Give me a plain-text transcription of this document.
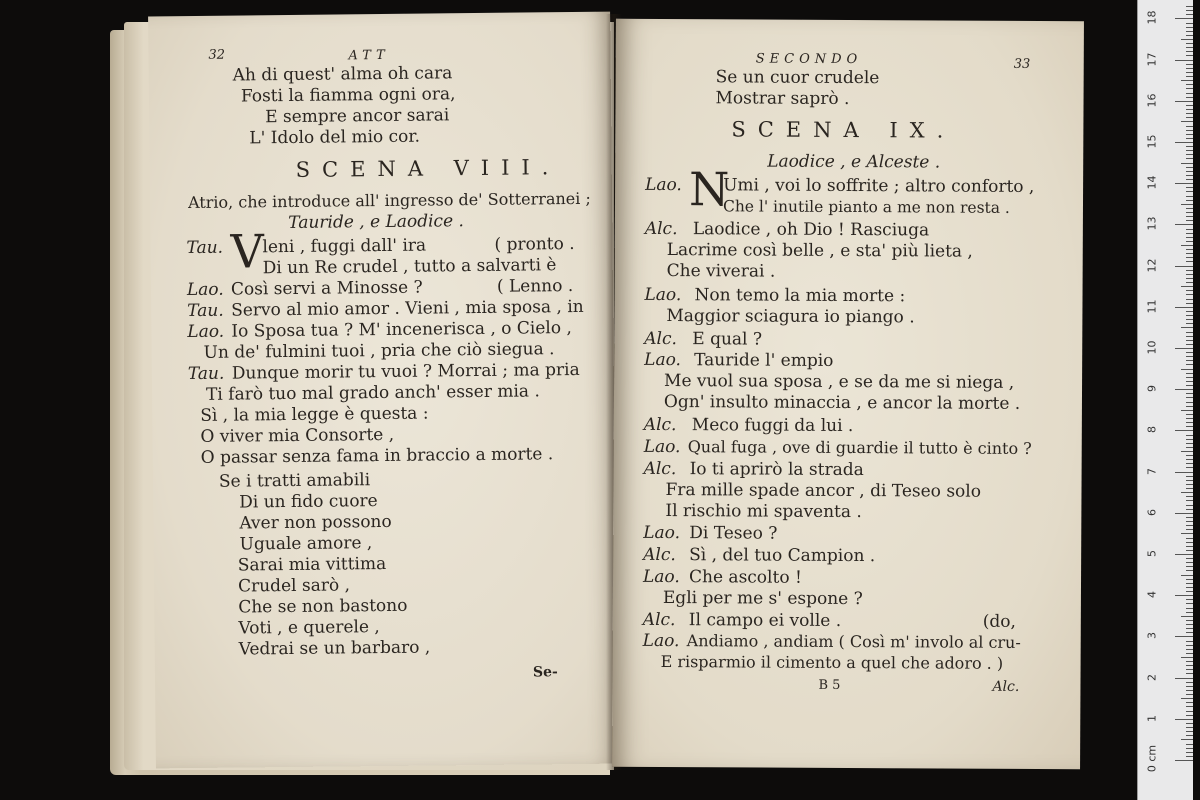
32	ATT
Ah di quest' alma oh cara
Fosti la fiamma ogni ora,
E sempre ancor sarai
L' Idolo del mio cor.
SCENA VIII.
Atrio, che introduce all' ingresso de' Sotterranei ;
Tauride , e Laodice .
Tau. V
leni , fuggi dall' ira	( pronto .
Di un Re crudel , tutto a salvarti è
Lao. Così servi a Minosse ?	( Lenno .
Tau. Servo al mio amor . Vieni , mia sposa , in
Lao. Io Sposa tua ? M' incenerisca , o Cielo ,
Un de' fulmini tuoi , pria che ciò siegua .
Tau. Dunque morir tu vuoi ? Morrai ; ma pria
Ti farò tuo mal grado anch' esser mia .
Sì , la mia legge è questa :
O viver mia Consorte ,
O passar senza fama in braccio a morte .
Se i tratti amabili
Di un fido cuore
Aver non possono
Uguale amore ,
Sarai mia vittima
Crudel sarò ,
Che se non bastono
Voti , e querele ,
Vedrai se un barbaro ,
Se-
SECONDO	33
Se un cuor crudele
Mostrar saprò .
SCENA IX.
Laodice , e Alceste .
Lao. N
Umi , voi lo soffrite ; altro conforto ,
Che l' inutile pianto a me non resta .
Alc. Laodice , oh Dio ! Rasciuga
Lacrime così belle , e sta' più lieta ,
Che viverai .
Lao. Non temo la mia morte :
Maggior sciagura io piango .
Alc. E qual ?
Lao. Tauride l' empio
Me vuol sua sposa , e se da me si niega ,
Ogn' insulto minaccia , e ancor la morte .
Alc. Meco fuggi da lui .
Lao. Qual fuga , ove di guardie il tutto è cinto ?
Alc. Io ti aprirò la strada
Fra mille spade ancor , di Teseo solo
Il rischio mi spaventa .
Lao. Di Teseo ?
Alc. Sì , del tuo Campion .
Lao. Che ascolto !
Egli per me s' espone ?
Alc. Il campo ei volle .	(do,
Lao. Andiamo , andiam ( Così m' involo al cru-
E risparmio il cimento a quel che adoro . )
B 5	Alc.
0 cm
1
2
3
4
5
6
7
8
9
10
11
12
13
14
15
16
17
18
